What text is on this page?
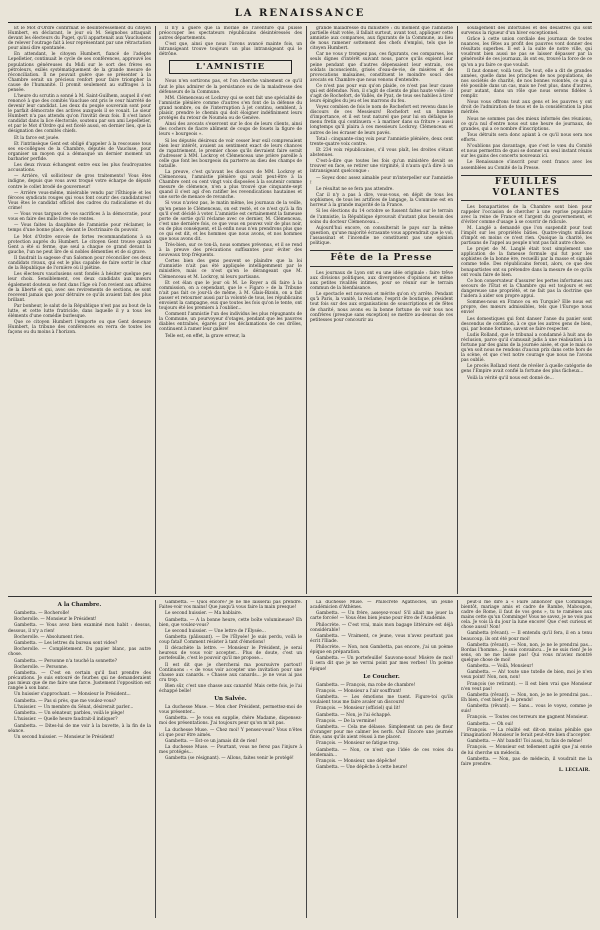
LA RENAISSANCE

Et le Mot d'Ordre confirmait le désintéressement du citoyen Humbert, en déclarant, le jour où M. Seignobos attaquait devant les électeurs du Puget, qu'il appartenait aux Vauclusiens de relever l'outrage fait à leur représentant par une rétractation pour ainsi dire spontanée.

En attendant, le citoyen Humbert, fiancé de l'adepte Lepelletier, continuait le cycle de ses conférences, approuvé les populations généreuses du Midi sur le sort des frères en pétroleurs, exilés systématiquement de la grande mesure de réconciliation. Il ne pouvait guère que se présenter à la Chambre serait un précieux renfort pour faire triompher la cause de l'humanité. Il promit seulement au suffrages à la pensée.

L'heure du scrutin a sonné à M. Saint-Guilhem, auquel il s'est renoncé à que des comités Vaucluse ont pris le ceur hiarrété de devenir leur candidat. Les deux du peuple souverain sont pour le parfait démocrate des actives auxquels il se vouait. Le sieur Humbert n'a pas attendu qu'on l'invitât deux fois. Il s'est lancé candidat dans la lice électorale, soutenu par son ami Lepelletier, et par le Mot d'Ordre qui est ficelé aussi, en dernier lieu, que la désignation des comités chiefs.

Et la farce est jouée.

Et l'intrinsèque Gent est obligé d'appeler à la rescousse tous ses ex-collègues de la Chambre, députés de Vaucluse, pour organiser un moyen qui a démasqué un dernier moment un barbarier perfide.

Les deux rivaux échangent entre eux les plus foudroyantes accusations.

— Arrière, vil solliciteur de gros traitements! Vous êtes indigne, depuis que vous avez troqué votre écharpe de député contre le collet brodé de gouverneur!

— Arrière vous-même, misérable vendu par l'Éthiopie et les féroces syndicats rouges qui vous font courir des candidatures! Vous êtes le candidat officiel des cadres du radicalisme et du crime!

— Vous vous targuez de vos sacrifices à la démocratie, pour vous en faire des mille livres de rentes.

— Vous faites la dauphine de l'amnistie pour réclamer, le temps d'une bonne place, devant le Doctrinaire du pouvoir.

Le Mot d'Ordre envoie de fortes recommandations à sa protection auprès du Humbert. Le citoyen Gent trouve quand Gent a été si ferme, que seul a chaque ce grand devant la gauche, l'un ne peut lire de si nobles démenties et de si grave.

Il faudrait la sagesse d'un Salomon pour réconcilier ces deux candidats rivaux, qui est le plus capable de faire sortir le char de la République de l'ornière où il piétine.

Les électeurs vauclusiens sont fondés à hésiter quelque peu leur choix. Sensiblement, ces deux candidats aux mœurs également douteux se font dans l'âge où l'on revient aux affaires de la liberté et qui, avec ses revirements de sections, se sont recevent jamais que pour détruire ce qu'ils avaient fait des plus brillant.

Par bonheur, le salut de la République n'est pas au bout de la lutte, et cette lutte fratricide, dans laquelle il y a tous les éléments d'une comédie burlesque.

Que ce citoyen Humbert l'emporte ou que Gent demeure Humbert, la tribune des conférences en verra de toutes les façons ou du moins à l'horizon.

Il n'y a guère que la morale de l'aventure qui puisse préoccuper les spectateurs républicains désintéressés des autres départements.

C'est que, ainsi que nous l'avons avancé mainte fois, un intransigeant trouve toujours un plus intransigeant qui le détrône.

L'AMNISTIE

Nous n'en sortirons pas, et l'on cherche vainement ce qu'il faut le plus admirer de la persistance ou de la maladresse des défenseurs de la Commune.

MM. Clémenceau et Lockroy qui se sont fait une spécialité de l'amnistie plénière comme d'autres s'en font de la défense du grand nombre, ou de l'interruption à jet continu, semblent, à plaisir, prendre le chemin qui doit éloigner indéfiniment leurs protégés du retour de Nouméa ou de Genève.

Ainsi des avocats s'exercent sur le dos de leurs clients, ainsi des cochers de fiacre abîment de coups de fouets la figure de leurs « bourgeois ».

Si les députés désireux de voir cesser leur exil comprenaient bien leur intérêt, avaient au sentiment exact de leurs chances de rapatriement, le premier chose qu'ils devraient faire serait d'adresser à MM. Lockroy et Clémenceau une prière pareille à celle que font les bourgeois du parterre au dieu des champs de bataille.

La preuve, c'est qu'avant les discours de MM. Lockroy et Clémenceau, l'amnistie plénière qui avait peut-être à la Chambre cent ou cent vingt voix disposées à la soutenir comme mesure de clémence, n'en a plus trouvé que cinquante-sept quand il s'est agi d'en ratifier les revendications hautaines et une sorte de menace de revanche.

Si vous n'aviez pas, le matin même, les journaux de la veille, qu'en pense le Clémenceau, on est resté, et ce n'est qu'à la fin qu'il s'est décidé à voter. L'amnistie est certainement la fameuse porte de sortie qu'il réclame avec ce dernier, M. Clémenceau, c'est une dernière fois, ce que vous en pouvez voir de plus noir, ou de plus conséquent, et là enfin nous n'en prendrons plus que ce qui est dit, et les hommes que nous avons, et nos hommes que nous avons dit.

Très-bien, sur ce ton-là, nous sommes prévenus, et il se rend à la preuve des précautions suffisantes pour éviter des nouveaux trop fréquents.

Certes bien des gens peuvent se plaindre que la loi d'amnistie n'ait pas été appliquée intelligemment par le ministère, mais ce n'est qu'en le dérangeant que M. Clémenceau et M. Lockroy, ni leurs partisans.

Et cet élan que le jour où M. Le Royer a dû faire à la commission, on a cependant, que le « Figaro » de la Tribune n'ait pas fait ce jour-là de même, à M. Glais-Bizoin, on a fait passer et retourner aussi par la volonté de tous, les républicains envoient la campagne, eux que toutes les fois qu'on le tente, ont toujours été les premiers à l'oublier...

Comment l'amnistie l'un des individus les plus répugnants de la Commune, un pourvoyeur d'otages, pendant que les pauvres diables entraînés, égarés par les déclamations de ces drôles, continuent à ramer leur galère!

Telle est, en effet, la grave erreur, la

grande maladresse du ministère : du moment que l'amnistie partielle était votée, il fallait surtout, avant tout, appliquer cette amnistie aux comparses, aux figurants de la Commune, au lieu de nous ramener sottement des chefs d'emploi, tels que le citoyen Humbert.

Car ne vous y trompez pas, ces figurants, ces comparses, les seuls dignes d'intérêt suivant nous, parce qu'ils expient leur peine pendant que d'autres dépensaient leur entrain, ces soldats inconscients, grisés d'eau-de-vie, de misères et de provocations malsaines, constituent le moindre souci des avocats en Chambre que nous venons d'entendre.

Ce n'est pas pour eux qu'on plaide, ce n'est pas leur cause qui est défendue. Non, il s'agit de clients de plus haute volée : il s'agit de Rochefort, de Vallès, de Pyat, de tous ses habiles à tirer leurs épingles du jeu et les marrons du feu.

Voyez combien de fois le nom de Rochefort est revenu dans le discours de ces Messieurs! Rochefort est un homme d'importance, et il est tout naturel que pour lui on défalque le menu fretin qui continuera « à mariner dans sa friture » aussi longtemps qu'il plaira à ces messieurs Lockroy, Clémenceau et autres de les écraser de leurs pavés.

Total : cinquante-cinq voix pour l'amnistie plénière, deux cent trente-quatre voix contre.

Et 234 voix républicaines, s'il vous plaît, les droites s'étant abstenues.

C'est-à-dire que toutes les fois qu'un ministère devait se trouver en face, se retirer une virginité, il n'aura qu'à dire à un intransigeant quelconque :

— Soyez donc assez aimable pour m'interpeller sur l'amnistie !

Le résultat ne se fera pas attendre.

Car il n'y a pas à dire, vous-vous, en dépit de tous les sophismes, de tous les artifices de langage, la Commune est en horreur à la grande majorité de la France.

Si les élections du 14 octobre se fussent faites sur le terrain de l'amnistie, la République éprouvait d'autant plus besoin des soins du docteur Clémenceau...

Aujourd'hui encore, on consulterait le pays sur la même question, qu'une majorité écrasante vous apprendrait que le vol, l'assassinat et l'incendie ne constituent pas une opinion politique.

Fête de la Presse

Les journaux de Lyon ont eu une idée originale : faire trêve aux divisions politiques, aux divergences d'opinions et même aux petites rivalités intimes, pour se réunir sur le terrain commun de la bienfaisance.

Le spectacle est nouveau et mérite qu'on s'y arrête. Pendant qu'à Paris, la vanité, la réclame, l'esprit de boutique, président tout fois sur des aux organisations de souscriptions et de fêtes de charité, nous avons eu la bonne fortune de voir tous nos confrères (presque sans exception) se mettre au-dessus de ces petitesses pour concourir au

soulagement des infortunes et des désastres qui sont survenus la rigueur d'un hiver exceptionnel.

Grâce à cette union cordiale des journaux de toutes nuances, les fêtes au profit des pauvres vont donner des résultats superbes. Il est à la suite de notre ville, qui voudront bien aussi ne pas se laisser dépasser par la générosité de ces journaux, ils ont eu, trouvé la force de ce qu'on a pu faire ce que voulait.

Il faut donner, voilà tout. De tout, elle a dit de grandes années, quelle dans les principes de nos populations, de nos sociétés de charité, de nos bonnes volontés, ce qui a été possible dans un cas, mais ne l'est plus, dans d'autres, pour autant, dans un rôle que nous serons fidèles à remplir.

Nous vous offrons tout aux gens et les pauvres y ont droit de l'admiration de tous et de la considération la plus méritée.

Nous ne sommes pas des mieux informés des réunions, ce qu'a nul d'entre nous eut une heure de journaux, de grandes, qui a ce nombre d'inscriptions.

Tous détruits sera donc apiant à ce qu'il nous sera nos efforts.

N'oublions pas davantage, que c'est le vœu du Comité et nous permettra de quoi se donner un seul instant réunis sur les gains des concerts nouveaux ici.

Le Renaissance s'inscrit pour cent francs avec les assemblées au Comité de la Presse.

FEUILLES VOLANTES

Les bonapartistes de la Chambre sont bien pour rappeler l'occasion de chercher à une reprise populaire avec la reine de France et l'argent du gouvernement, et d'éviter comme d'usage à se couvrir de ridicule.

M. Langlé a demandé que l'on suspendit pour tout l'impôt sur les propriétés bâties. Quatre-vingts millions d'impôt en moins ce n'est rien. Quoique la charité, les partisans de l'appel au peuple n'ont pas fait autre chose.

Le projet de M. Langlé était tout simplement une application de la fameuse formule qui fut pour les sophistes de la bonne ère, recueilli par la masse et signalé comme telle. Des républicains feront, alors, ce que des bonapartistes ont su prétendre dans la mesure de ce qu'ils ont voulu faire de bien.

Ce bon conservateur d'assurer les pertes infortunes aux secours de l'État et la Chambre qui est toujours et est dangereuse une propriété, et ne fait pas la doctrine que l'aidera à aider son propre appui.

Sommes-nous en France ou en Turquie? Elle nous est propre, des mœurs admissibles, tels que l'Europe nous envie!

Les domestiques qui font danser l'anse du panier sont descendus de condition, à ce que les autres gens de bien, qui, par bonne fortune, savent se faire respecter.

Ludis Rolland, que le tribunal a condamné à huit ans de réclusion, parce qu'il s'amusait jadis à une réalisation à la fortune par des gains de la journée aisée, et que le mais ce qu'en soit nous ne rendons d'aucun prix dans cette hors de la scène, et que c'est notre courage que nous ne l'avons pas oublié.

Le procès Rolland vient de révéler à quelle catégorie de gens l'Empire avait confié la fortune des plus fâcheux...

Voilà la vérité qu'il nous est donné de...

A la Chambre.

Gambetta. — Rocherolle!

Bocherolle. — Monsieur le Président!

Gambetta. — Vous avez bien examiné mon habit : dessus, dessous, il n'y a rien!

Bocherolle. — Absolument rien.

Gambetta. — Les lettres du bureau sont vides?

Bocherolle. — Complètement. Du papier blanc, pas autre chose.

Gambetta. — Personne n'a touché la sonnette?

Bocherolle. — Personne.

Gambetta. — C'est en certain qu'il faut prendre des précautions. Je suis entouré de fourbes qui ne demanderaient pas mieux que de me faire une farce. Justement l'opposition est rangée à son banc.

Un huissier s'approchant. — Monsieur le Président...

Gambetta. — Pas si près, que me voulez-vous?

L'huissier. — Un membre du Sénat, désirerait parler...

Gambetta. — Un sénateur, parbleu, voilà le piège!

L'huissier. — Quelle heure faudrait-il indiquer?

Gambetta. — Dites-lui de me voir à la buvette, à la fin de la séance.

Un second huissier. — Monsieur le Président!

Gambetta. — Quoi encore? Je ne me laisserai pas prendre. Faites-voir vos mains! Que jusqu'à vous faire la main presque!

Le second huissier. — Ma bablaire.

Gambetta. — A la bonne heure, cette boîte volumineuse? Eh bien, que voulez-vous?

Le second huissier. — Une lettre de l'Élysée...

Gambetta (pâlissant). — De l'Élysée! Je suis perdu, voilà le coup fatal! Comment résister à tant d'émotions!

Il décachète la lettre. — Monsieur le Président, je serai heureux de vous voir accepter... Plus de doute, c'est un portefeuille, c'est le pouvoir qu'il me propose...

Il est dit que je chercherai ma poursuivre partout! Continuons : « de vous voir accepter une invitation pour une chasse aux canards. » Chasse aux canards... je ne vous ai pas cru trop.

Bien sûr, c'est une chasse aux canards! Mais cette fois, je l'ai échappé belle!

Un Salvée.

La duchesse Muse. — Mon cher Président, permettez-moi de vous présenter...

Gambetta. — Je vous en supplie, chère Madame, dispensez-moi des présentations. J'ai toujours peur qu'on m'ait pas.

La duchesse Muse. — Chez moi! Y pensez-vous? Vous n'êtes ici que pour être aimés.

Gambetta. — Est-ce un jamais dit de rien!

La duchesse Muse. — Pourtant, vous ne ferez pas l'injure à mes protégés...

Gambetta (se résignant). — Allons, faites venir le protégé!

La duchesse Muse. — Philocrète Agathocles, un jeune académicien d'Athènes.

Gambetta. — Un frère, asseyez-vous! S'il allait me jouer la carte forcée! — Vous êtes bien jeune pour être de l'Académie.

Philocrète. — C'est vrai, mais mon bagage littéraire est déjà considérable!

Gambetta. — Vraiment, ce jeune, vous n'avez pourtant pas écrit l'Iliade.

Philocrète. — Non, non Gambetta, pas encore, j'ai un poème épique en préparation.

Gambetta. — Un portefeuille! Sauvons-nous! Misère de moi! Il sera dit que je ne verrai point par mes verbes! Un poème épique!

Le Coucher.

Gambetta. — François, ma robe de chambre!

François. — Monsieur a l'air souffrant!

Gambetta. — Les émotions me tuent. Figure-toi qu'ils voulaient tous me faire avaler un discours!

François. — Monsieur (officiel) qui lit!

Gambetta. — Non, je l'ai échappé.

François. — De la vermine!

Gambetta. — Cela me délasse. Simplement un peu de fleur d'oranger pour me calmer les nerfs. Oui! Encore une journée finie, sans qu'ils aient réussi à me placer.

François. — Monsieur se fatigue trop.

Gambetta. — Non, ce n'est que l'idée de ces voies du lendemain...

François. — Monsieur, une dépêche!

Gambetta. — Une dépêche à cette heure!

peut-il me dire à « Faire annoncer que Comminges bientôt, mariage amis et cadre de Rambe, Maboupon, cadre de Rome, il faut de vos gens », tu te ramènes aux mains cette qu'un Comminge! Vous ne savez, je ne vois pas cela. Je vois là du jour la lune encore! Que c'est curieux et chose aussi! Non!

Gambetta (rêvant). — Il entendu qu'il fera, il en a tenu beaucoup, ils ont été pour moi!

Gambetta (rêvant). — Non, non, je ne le prendrai pas... Bordas l'homme... Je suis convaincu... Je ne suis rien! Je le sens, on ne me laisse pas! Qui vous m'aviez montré quelque chose de moi!

Gambetta. — Voilà, Monsieur!

Gambetta. — Ah! toute une tutelle de bien, moi je n'en veux point! Non, non, non!

François (se retirant). — Il est bien vrai que Monsieur n'en veut pas!

Gambetta (rêvant). — Non, non, je ne le prendrai pas... Eh bien, c'est bien! Je la prends!

Gambetta (rêvant). — Sans... vous le voyez, comme je suis!

François. — Toutes ces terreurs me gagnent Monsieur.

Gambetta. — Oh oui!

François. — La réalité est dit-on moins pénible que l'imagination! Monsieur le ferait peut-être bien d'accepter.

Gambetta. — Ah! bandit! Toi aussi, tu fais de même!

François. — Monsieur est tellement agité que j'ai envie de lui cherche un médecin.

Gambetta. — Non, pas de médecin, il voudrait me la faire prendre.

L. LECLAIR.
